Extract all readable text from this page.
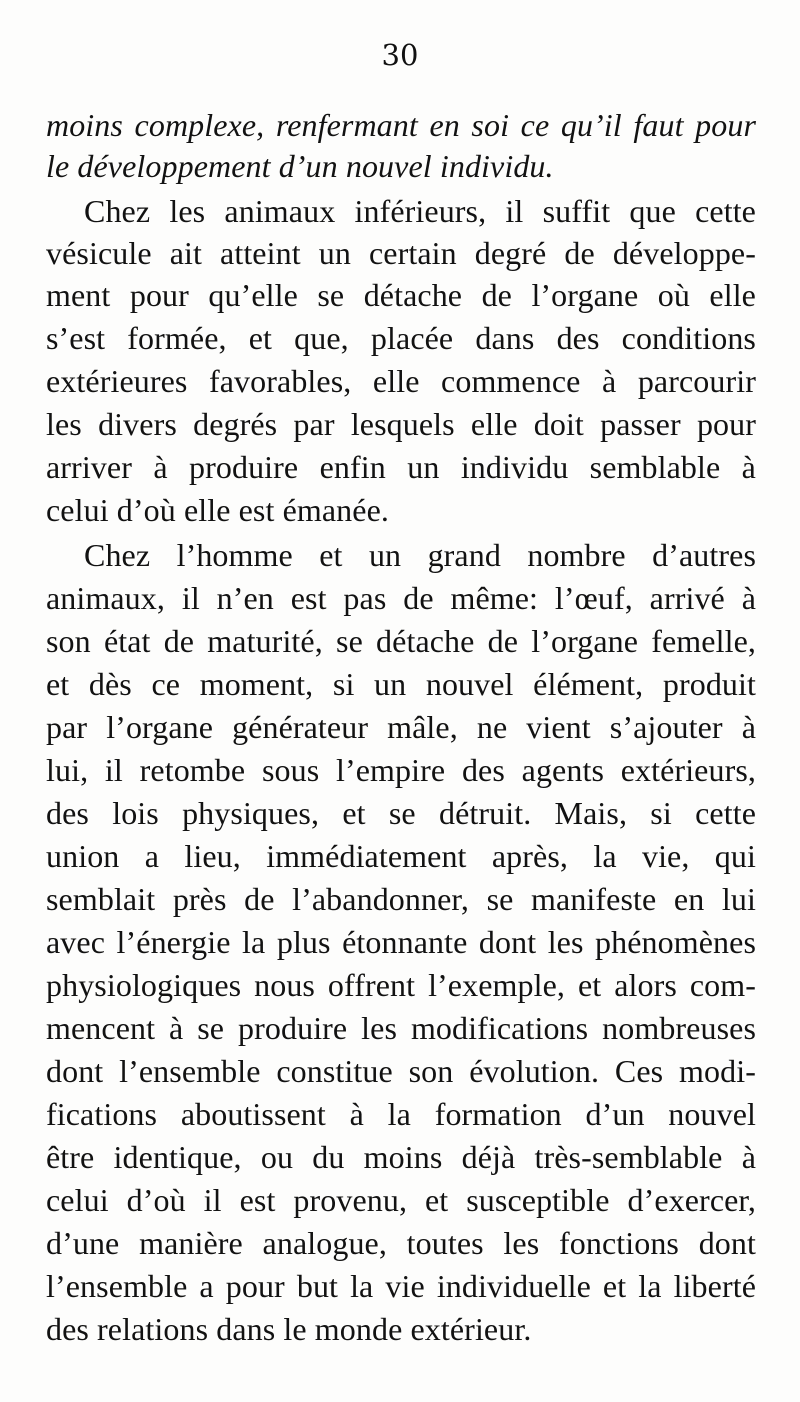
30
moins complexe, renfermant en soi ce qu’il faut pour
le développement d’un nouvel individu.
Chez les animaux inférieurs, il suffit que cette
vésicule ait atteint un certain degré de développe-
ment pour qu’elle se détache de l’organe où elle
s’est formée, et que, placée dans des conditions
extérieures favorables, elle commence à parcourir
les divers degrés par lesquels elle doit passer pour
arriver à produire enfin un individu semblable à
celui d’où elle est émanée.
Chez l’homme et un grand nombre d’autres
animaux, il n’en est pas de même: l’œuf, arrivé à
son état de maturité, se détache de l’organe femelle,
et dès ce moment, si un nouvel élément, produit
par l’organe générateur mâle, ne vient s’ajouter à
lui, il retombe sous l’empire des agents extérieurs,
des lois physiques, et se détruit. Mais, si cette
union a lieu, immédiatement après, la vie, qui
semblait près de l’abandonner, se manifeste en lui
avec l’énergie la plus étonnante dont les phénomènes
physiologiques nous offrent l’exemple, et alors com-
mencent à se produire les modifications nombreuses
dont l’ensemble constitue son évolution. Ces modi-
fications aboutissent à la formation d’un nouvel
être identique, ou du moins déjà très-semblable à
celui d’où il est provenu, et susceptible d’exercer,
d’une manière analogue, toutes les fonctions dont
l’ensemble a pour but la vie individuelle et la liberté
des relations dans le monde extérieur.
